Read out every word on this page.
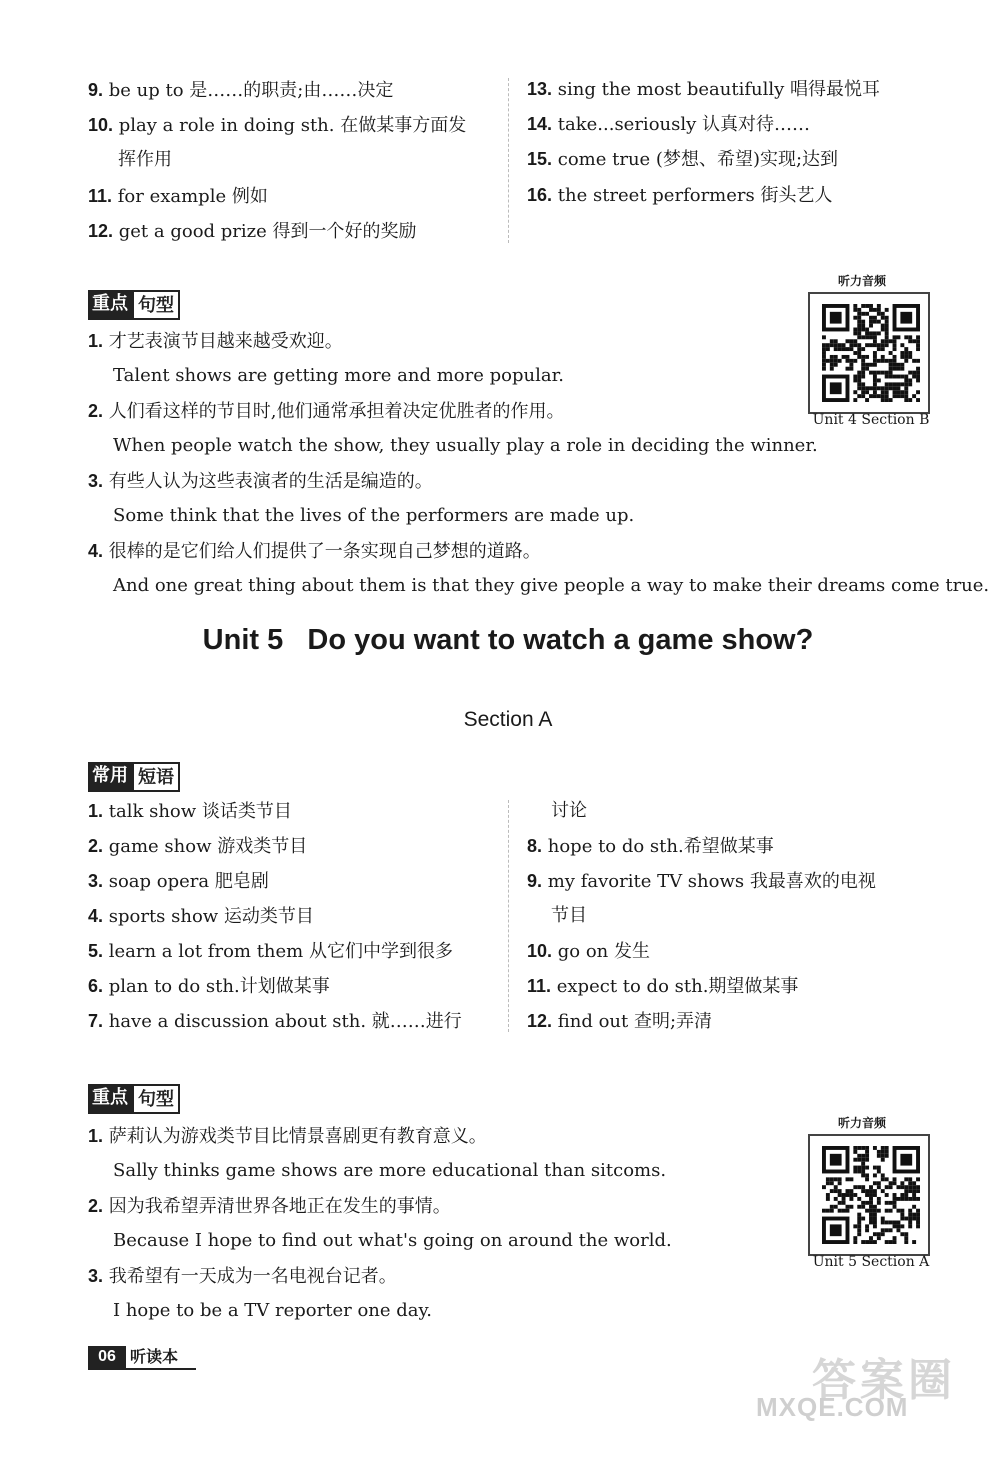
9. be up to 是……的职责;由……决定
10. play a role in doing sth. 在做某事方面发
挥作用
11. for example 例如
12. get a good prize 得到一个好的奖励
13. sing the most beautifully 唱得最悦耳
14. take...seriously 认真对待……
15. come true (梦想、希望)实现;达到
16. the street performers 街头艺人
重点 句型
1. 才艺表演节目越来越受欢迎。
Talent shows are getting more and more popular.
2. 人们看这样的节目时,他们通常承担着决定优胜者的作用。
When people watch the show, they usually play a role in deciding the winner.
3. 有些人认为这些表演者的生活是编造的。
Some think that the lives of the performers are made up.
4. 很棒的是它们给人们提供了一条实现自己梦想的道路。
And one great thing about them is that they give people a way to make their dreams come true.
听力音频
Unit 4 Section B
Unit 5   Do you want to watch a game show?
Section A
常用 短语
1. talk show 谈话类节目
2. game show 游戏类节目
3. soap opera 肥皂剧
4. sports show 运动类节目
5. learn a lot from them 从它们中学到很多
6. plan to do sth.计划做某事
7. have a discussion about sth. 就……进行
讨论
8. hope to do sth.希望做某事
9. my favorite TV shows 我最喜欢的电视
节目
10. go on 发生
11. expect to do sth.期望做某事
12. find out 查明;弄清
重点 句型
1. 萨莉认为游戏类节目比情景喜剧更有教育意义。
Sally thinks game shows are more educational than sitcoms.
2. 因为我希望弄清世界各地正在发生的事情。
Because I hope to find out what's going on around the world.
3. 我希望有一天成为一名电视台记者。
I hope to be a TV reporter one day.
听力音频
Unit 5 Section A
06 听读本	答案圈
MXQE.COM
